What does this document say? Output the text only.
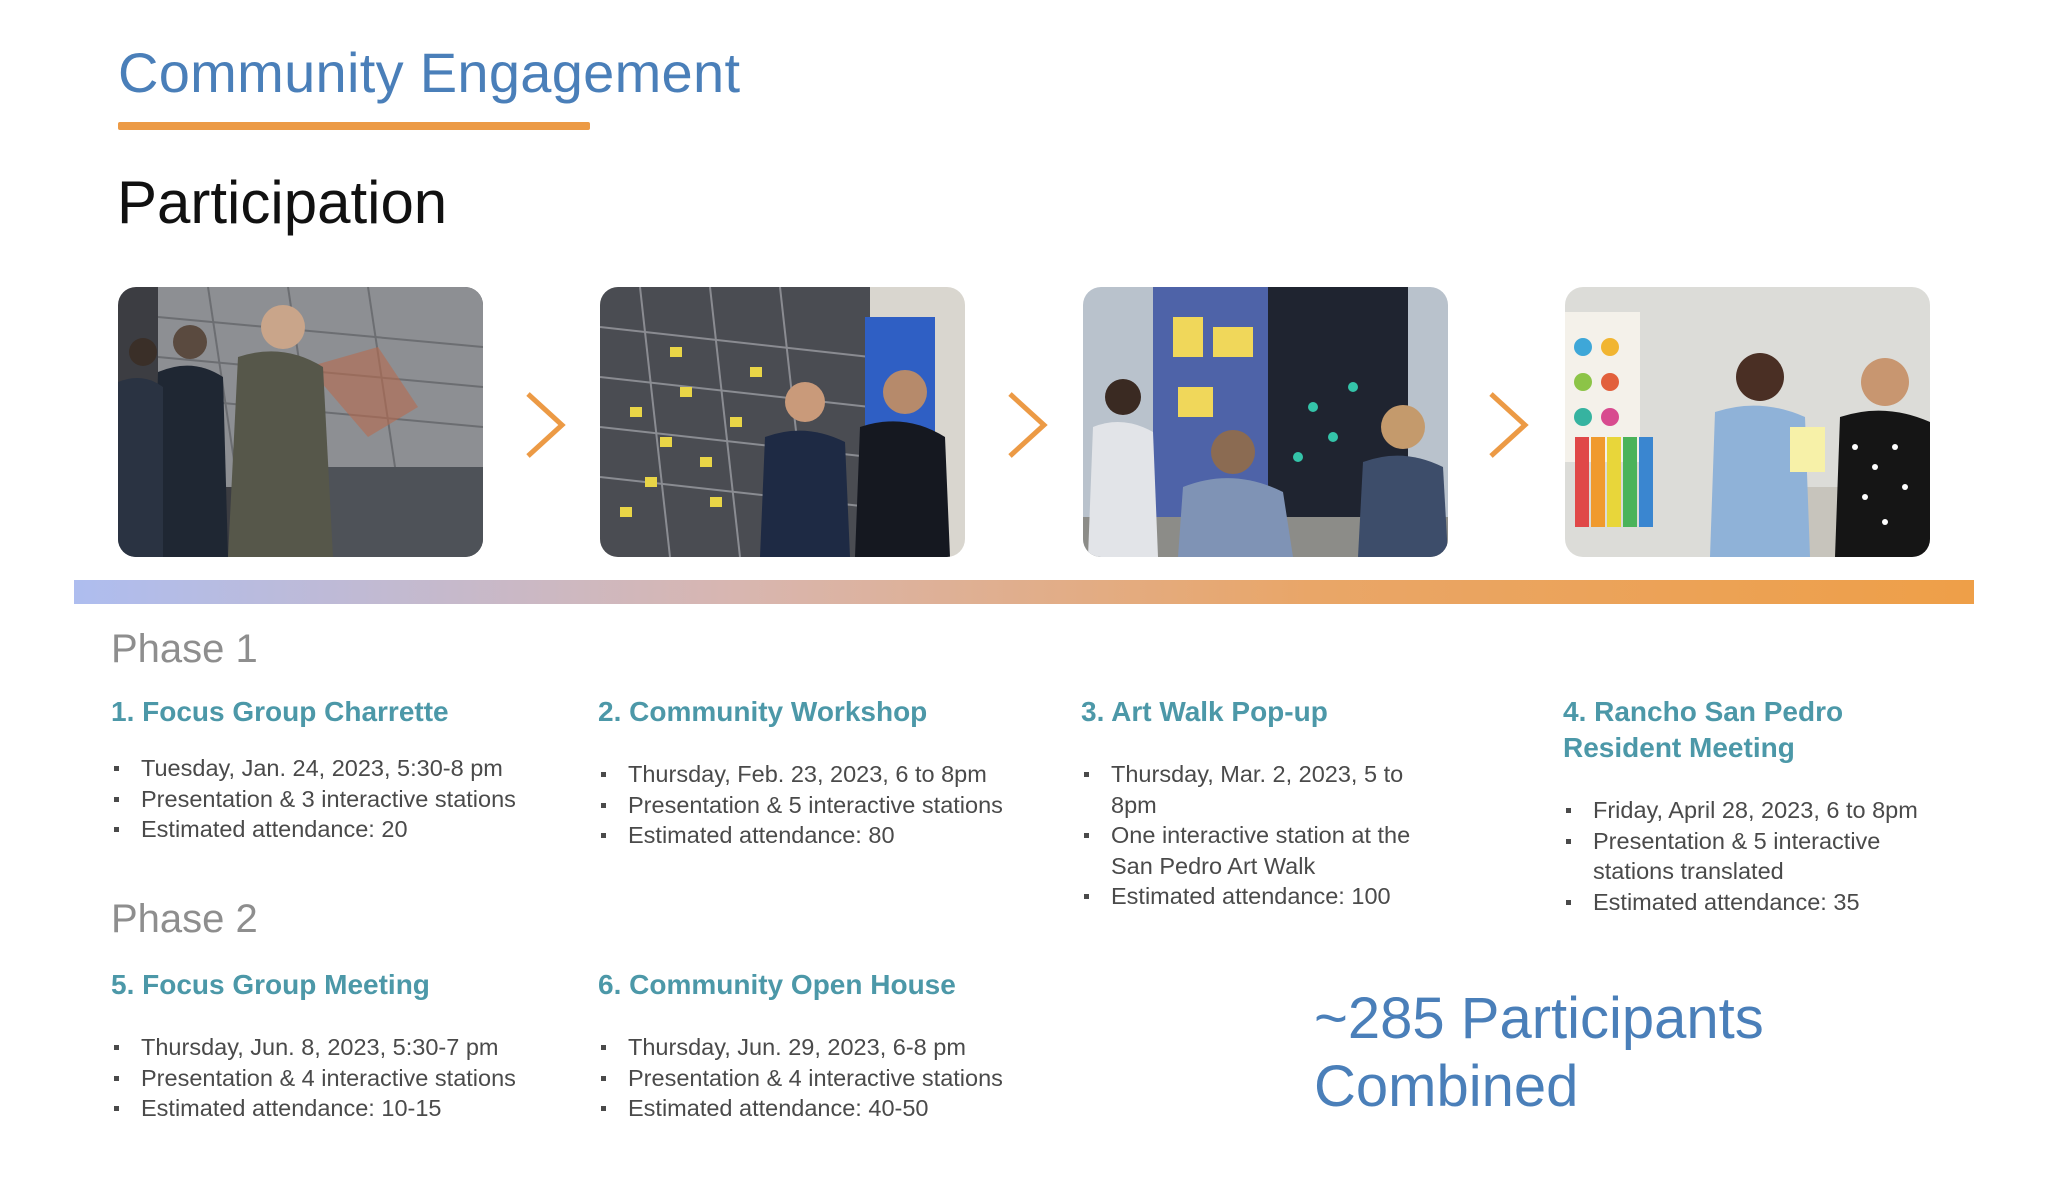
Community Engagement
Participation
Phase 1
1. Focus Group Charrette
Tuesday, Jan. 24, 2023, 5:30-8 pm
Presentation & 3 interactive stations
Estimated attendance: 20
2. Community Workshop
Thursday, Feb. 23, 2023, 6 to 8pm
Presentation & 5 interactive stations
Estimated attendance: 80
3. Art Walk Pop-up
Thursday, Mar. 2, 2023, 5 to 8pm
One interactive station at the San Pedro Art Walk
Estimated attendance: 100
4. Rancho San Pedro Resident Meeting
Friday, April 28, 2023, 6 to 8pm
Presentation & 5 interactive stations translated
Estimated attendance: 35
Phase 2
5. Focus Group Meeting
Thursday, Jun. 8, 2023, 5:30-7 pm
Presentation & 4 interactive stations
Estimated attendance: 10-15
6. Community Open House
Thursday, Jun. 29, 2023, 6-8 pm
Presentation & 4 interactive stations
Estimated attendance: 40-50
~285 Participants
Combined
